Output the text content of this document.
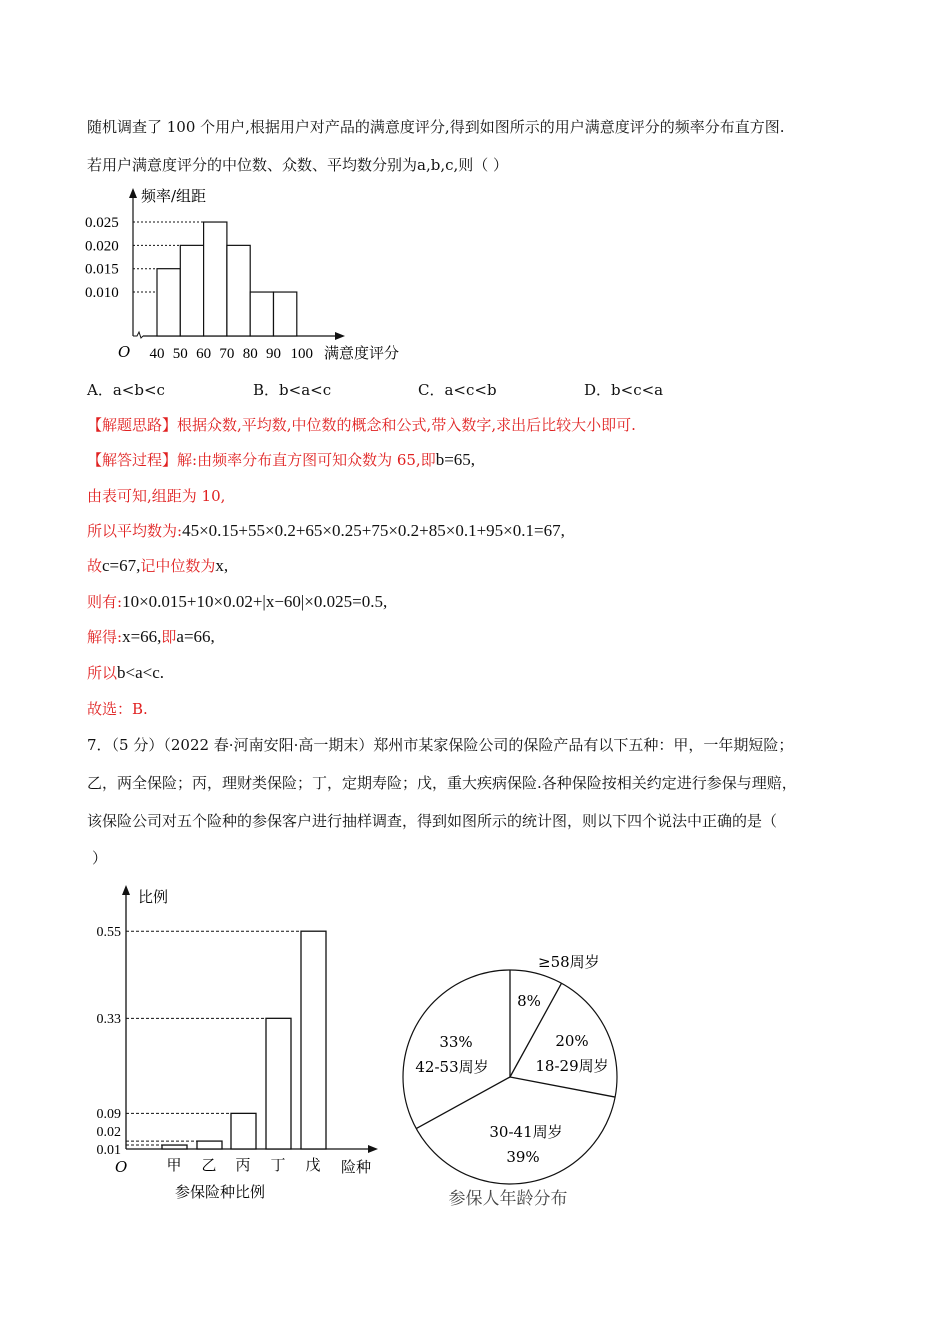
随机调查了 100 个用户,根据用户对产品的满意度评分,得到如图所示的用户满意度评分的频率分布直方图.
若用户满意度评分的中位数、众数、平均数分别为a,b,c,则（ ）
频率/组距
满意度评分
O
0.025
0.020
0.015
0.010
40 50 60 70 80 90 100
A．a<b<c	B．b<a<c	C．a<c<b	D．b<c<a
【解题思路】根据众数,平均数,中位数的概念和公式,带入数字,求出后比较大小即可.
【解答过程】解:由频率分布直方图可知众数为 65,即b=65,
由表可知,组距为 10,
所以平均数为:45×0.15+55×0.2+65×0.25+75×0.2+85×0.1+95×0.1=67,
故c=67,记中位数为x,
则有:10×0.015+10×0.02+|x−60|×0.025=0.5,
解得:x=66,即a=66,
所以b<a<c.
故选：B.
7．（5 分）（2022 春·河南安阳·高一期末）郑州市某家保险公司的保险产品有以下五种：甲，一年期短险；
乙，两全保险；丙，理财类保险；丁，定期寿险；戊，重大疾病保险.各种保险按相关约定进行参保与理赔，
该保险公司对五个险种的参保客户进行抽样调查，得到如图所示的统计图，则以下四个说法中正确的是（
）
比例
险种
O
参保险种比例
甲 乙 丙 丁 戊
0.55
0.33
0.09
0.02
0.01
≥58周岁
8%
20%
18-29周岁
30-41周岁
39%
33%
42-53周岁
参保人年龄分布
